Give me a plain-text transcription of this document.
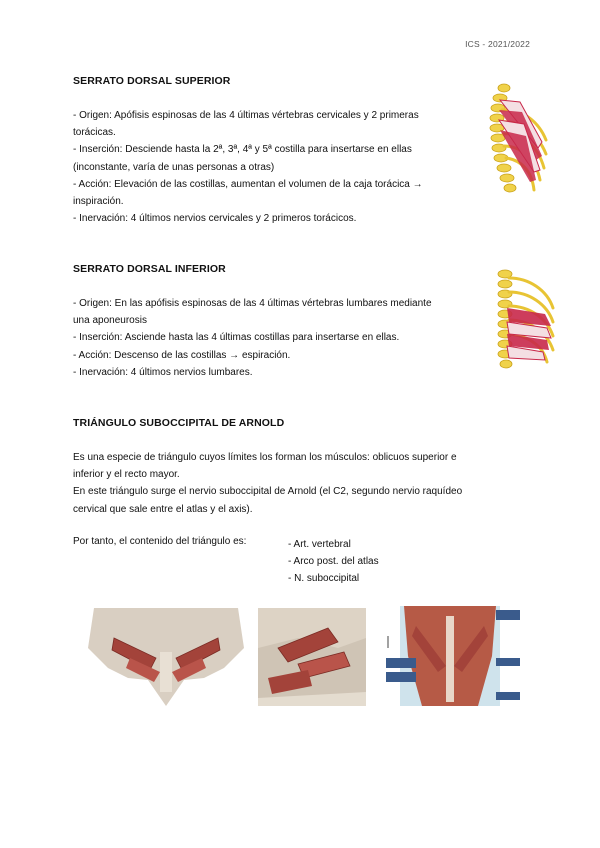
ICS - 2021/2022
SERRATO DORSAL SUPERIOR

- Origen: Apófisis espinosas de las 4 últimas vértebras cervicales y 2 primeras

torácicas.

- Inserción: Desciende hasta la 2ª, 3ª, 4ª y 5ª costilla para insertarse en ellas

(inconstante, varía de unas personas a otras)

- Acción: Elevación de las costillas, aumentan el volumen de la caja torácica →

inspiración.

- Inervación: 4 últimos nervios cervicales y 2 primeros torácicos.

SERRATO DORSAL INFERIOR

- Origen: En las apófisis espinosas de las 4 últimas vértebras lumbares mediante

una aponeurosis

- Inserción: Asciende hasta las 4 últimas costillas para insertarse en ellas.

- Acción: Descenso de las costillas → espiración.

- Inervación: 4 últimos nervios lumbares.

TRIÁNGULO SUBOCCIPITAL DE ARNOLD

Es una especie de triángulo cuyos límites los forman los músculos: oblicuos superior e

inferior y el recto mayor.

En este triángulo surge el nervio suboccipital de Arnold (el C2, segundo nervio raquídeo

cervical que sale entre el atlas y el axis).

Por tanto, el contenido del triángulo es:	- Art. vertebral

- Arco post. del atlas

- N. suboccipital
